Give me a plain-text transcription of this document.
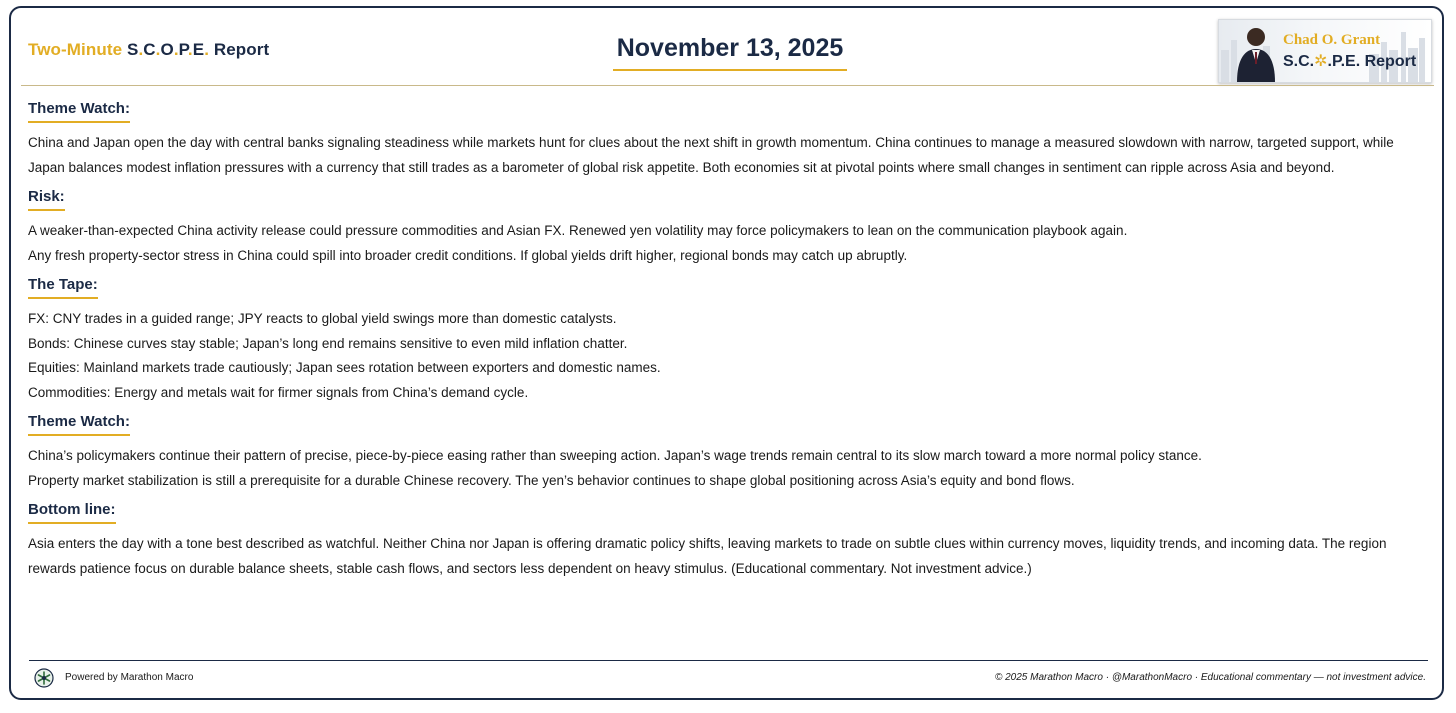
Two-Minute S.C.O.P.E. Report	November 13, 2025	Chad O. Grant
S.C.✲.P.E. Report
Theme Watch:

China and Japan open the day with central banks signaling steadiness while markets hunt for clues about the next shift in growth momentum. China continues to manage a measured slowdown with narrow, targeted support, while Japan balances modest inflation pressures with a currency that still trades as a barometer of global risk appetite. Both economies sit at pivotal points where small changes in sentiment can ripple across Asia and beyond.

Risk:

A weaker-than-expected China activity release could pressure commodities and Asian FX. Renewed yen volatility may force policymakers to lean on the communication playbook again.

Any fresh property-sector stress in China could spill into broader credit conditions. If global yields drift higher, regional bonds may catch up abruptly.

The Tape:

FX: CNY trades in a guided range; JPY reacts to global yield swings more than domestic catalysts.

Bonds: Chinese curves stay stable; Japan’s long end remains sensitive to even mild inflation chatter.

Equities: Mainland markets trade cautiously; Japan sees rotation between exporters and domestic names.

Commodities: Energy and metals wait for firmer signals from China’s demand cycle.

Theme Watch:

China’s policymakers continue their pattern of precise, piece-by-piece easing rather than sweeping action. Japan’s wage trends remain central to its slow march toward a more normal policy stance.

Property market stabilization is still a prerequisite for a durable Chinese recovery. The yen’s behavior continues to shape global positioning across Asia’s equity and bond flows.

Bottom line:

Asia enters the day with a tone best described as watchful. Neither China nor Japan is offering dramatic policy shifts, leaving markets to trade on subtle clues within currency moves, liquidity trends, and incoming data. The region rewards patience focus on durable balance sheets, stable cash flows, and sectors less dependent on heavy stimulus. (Educational commentary. Not investment advice.)

Powered by Marathon Macro	© 2025 Marathon Macro · @MarathonMacro · Educational commentary — not investment advice.
